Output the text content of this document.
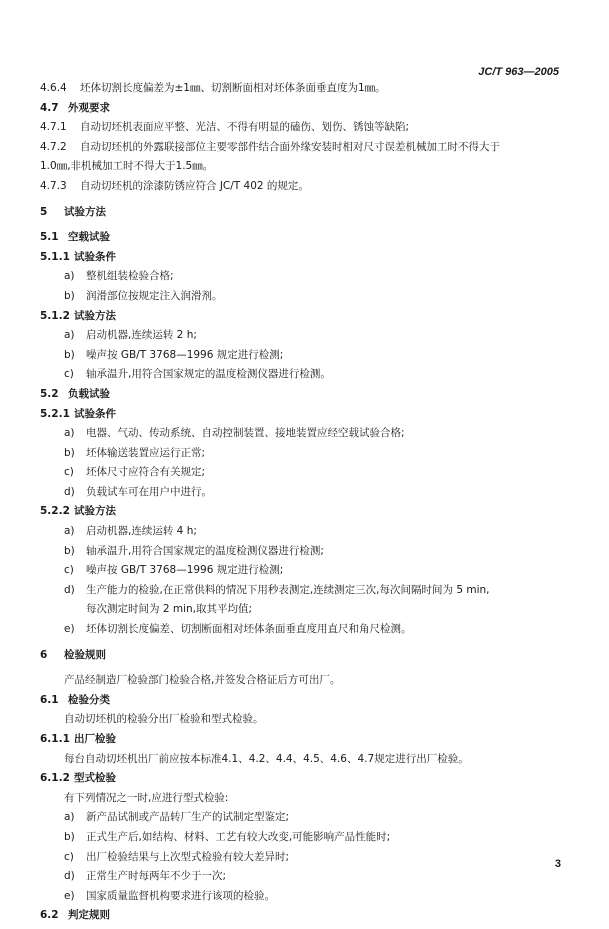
JC/T 963—2005
4.6.4 坯体切割长度偏差为±1㎜、切割断面相对坯体条面垂直度为1㎜。
4.7 外观要求
4.7.1 自动切坯机表面应平整、光洁、不得有明显的磕伤、划伤、锈蚀等缺陷;
4.7.2 自动切坯机的外露联接部位主要零部件结合面外缘安装时相对尺寸误差机械加工时不得大于
1.0㎜,非机械加工时不得大于1.5㎜。
4.7.3 自动切坯机的涂漆防锈应符合 JC/T 402 的规定。
5 试验方法
5.1 空载试验
5.1.1 试验条件
a) 整机组装检验合格;
b) 润滑部位按规定注入润滑剂。
5.1.2 试验方法
a) 启动机器,连续运转 2 h;
b) 噪声按 GB/T 3768—1996 规定进行检测;
c) 轴承温升,用符合国家规定的温度检测仪器进行检测。
5.2 负载试验
5.2.1 试验条件
a) 电器、气动、传动系统、自动控制装置、接地装置应经空载试验合格;
b) 坯体输送装置应运行正常;
c) 坯体尺寸应符合有关规定;
d) 负载试车可在用户中进行。
5.2.2 试验方法
a) 启动机器,连续运转 4 h;
b) 轴承温升,用符合国家规定的温度检测仪器进行检测;
c) 噪声按 GB/T 3768—1996 规定进行检测;
d) 生产能力的检验,在正常供料的情况下用秒表测定,连续测定三次,每次间隔时间为 5 min,
每次测定时间为 2 min,取其平均值;
e) 坯体切割长度偏差、切割断面相对坯体条面垂直度用直尺和角尺检测。
6 检验规则
产品经制造厂检验部门检验合格,并签发合格证后方可出厂。
6.1 检验分类
自动切坯机的检验分出厂检验和型式检验。
6.1.1 出厂检验
每台自动切坯机出厂前应按本标准4.1、4.2、4.4、4.5、4.6、4.7规定进行出厂检验。
6.1.2 型式检验
有下列情况之一时,应进行型式检验:
a) 新产品试制或产品转厂生产的试制定型鉴定;
b) 正式生产后,如结构、材料、工艺有较大改变,可能影响产品性能时;
c) 出厂检验结果与上次型式检验有较大差异时;
d) 正常生产时每两年不少于一次;
e) 国家质量监督机构要求进行该项的检验。
6.2 判定规则
3
